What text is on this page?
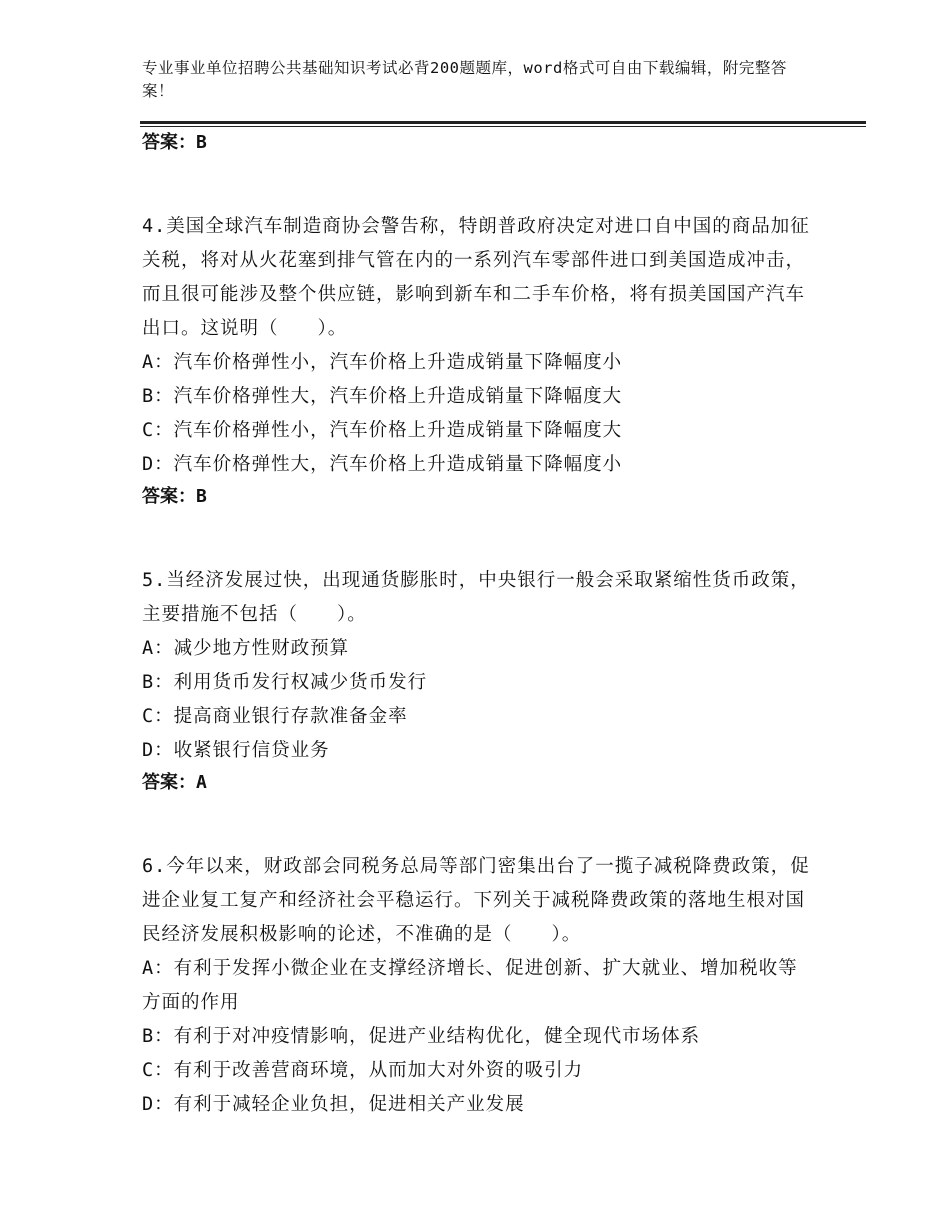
专业事业单位招聘公共基础知识考试必背200题题库，word格式可自由下载编辑，附完整答案！
答案：B
4.美国全球汽车制造商协会警告称，特朗普政府决定对进口自中国的商品加征关税，将对从火花塞到排气管在内的一系列汽车零部件进口到美国造成冲击，而且很可能涉及整个供应链，影响到新车和二手车价格，将有损美国国产汽车出口。这说明（　　）。
A：汽车价格弹性小，汽车价格上升造成销量下降幅度小
B：汽车价格弹性大，汽车价格上升造成销量下降幅度大
C：汽车价格弹性小，汽车价格上升造成销量下降幅度大
D：汽车价格弹性大，汽车价格上升造成销量下降幅度小
答案：B
5.当经济发展过快，出现通货膨胀时，中央银行一般会采取紧缩性货币政策，主要措施不包括（　　）。
A：减少地方性财政预算
B：利用货币发行权减少货币发行
C：提高商业银行存款准备金率
D：收紧银行信贷业务
答案：A
6.今年以来，财政部会同税务总局等部门密集出台了一揽子减税降费政策，促进企业复工复产和经济社会平稳运行。下列关于减税降费政策的落地生根对国民经济发展积极影响的论述，不准确的是（　　）。
A：有利于发挥小微企业在支撑经济增长、促进创新、扩大就业、增加税收等方面的作用
B：有利于对冲疫情影响，促进产业结构优化，健全现代市场体系
C：有利于改善营商环境，从而加大对外资的吸引力
D：有利于减轻企业负担，促进相关产业发展
